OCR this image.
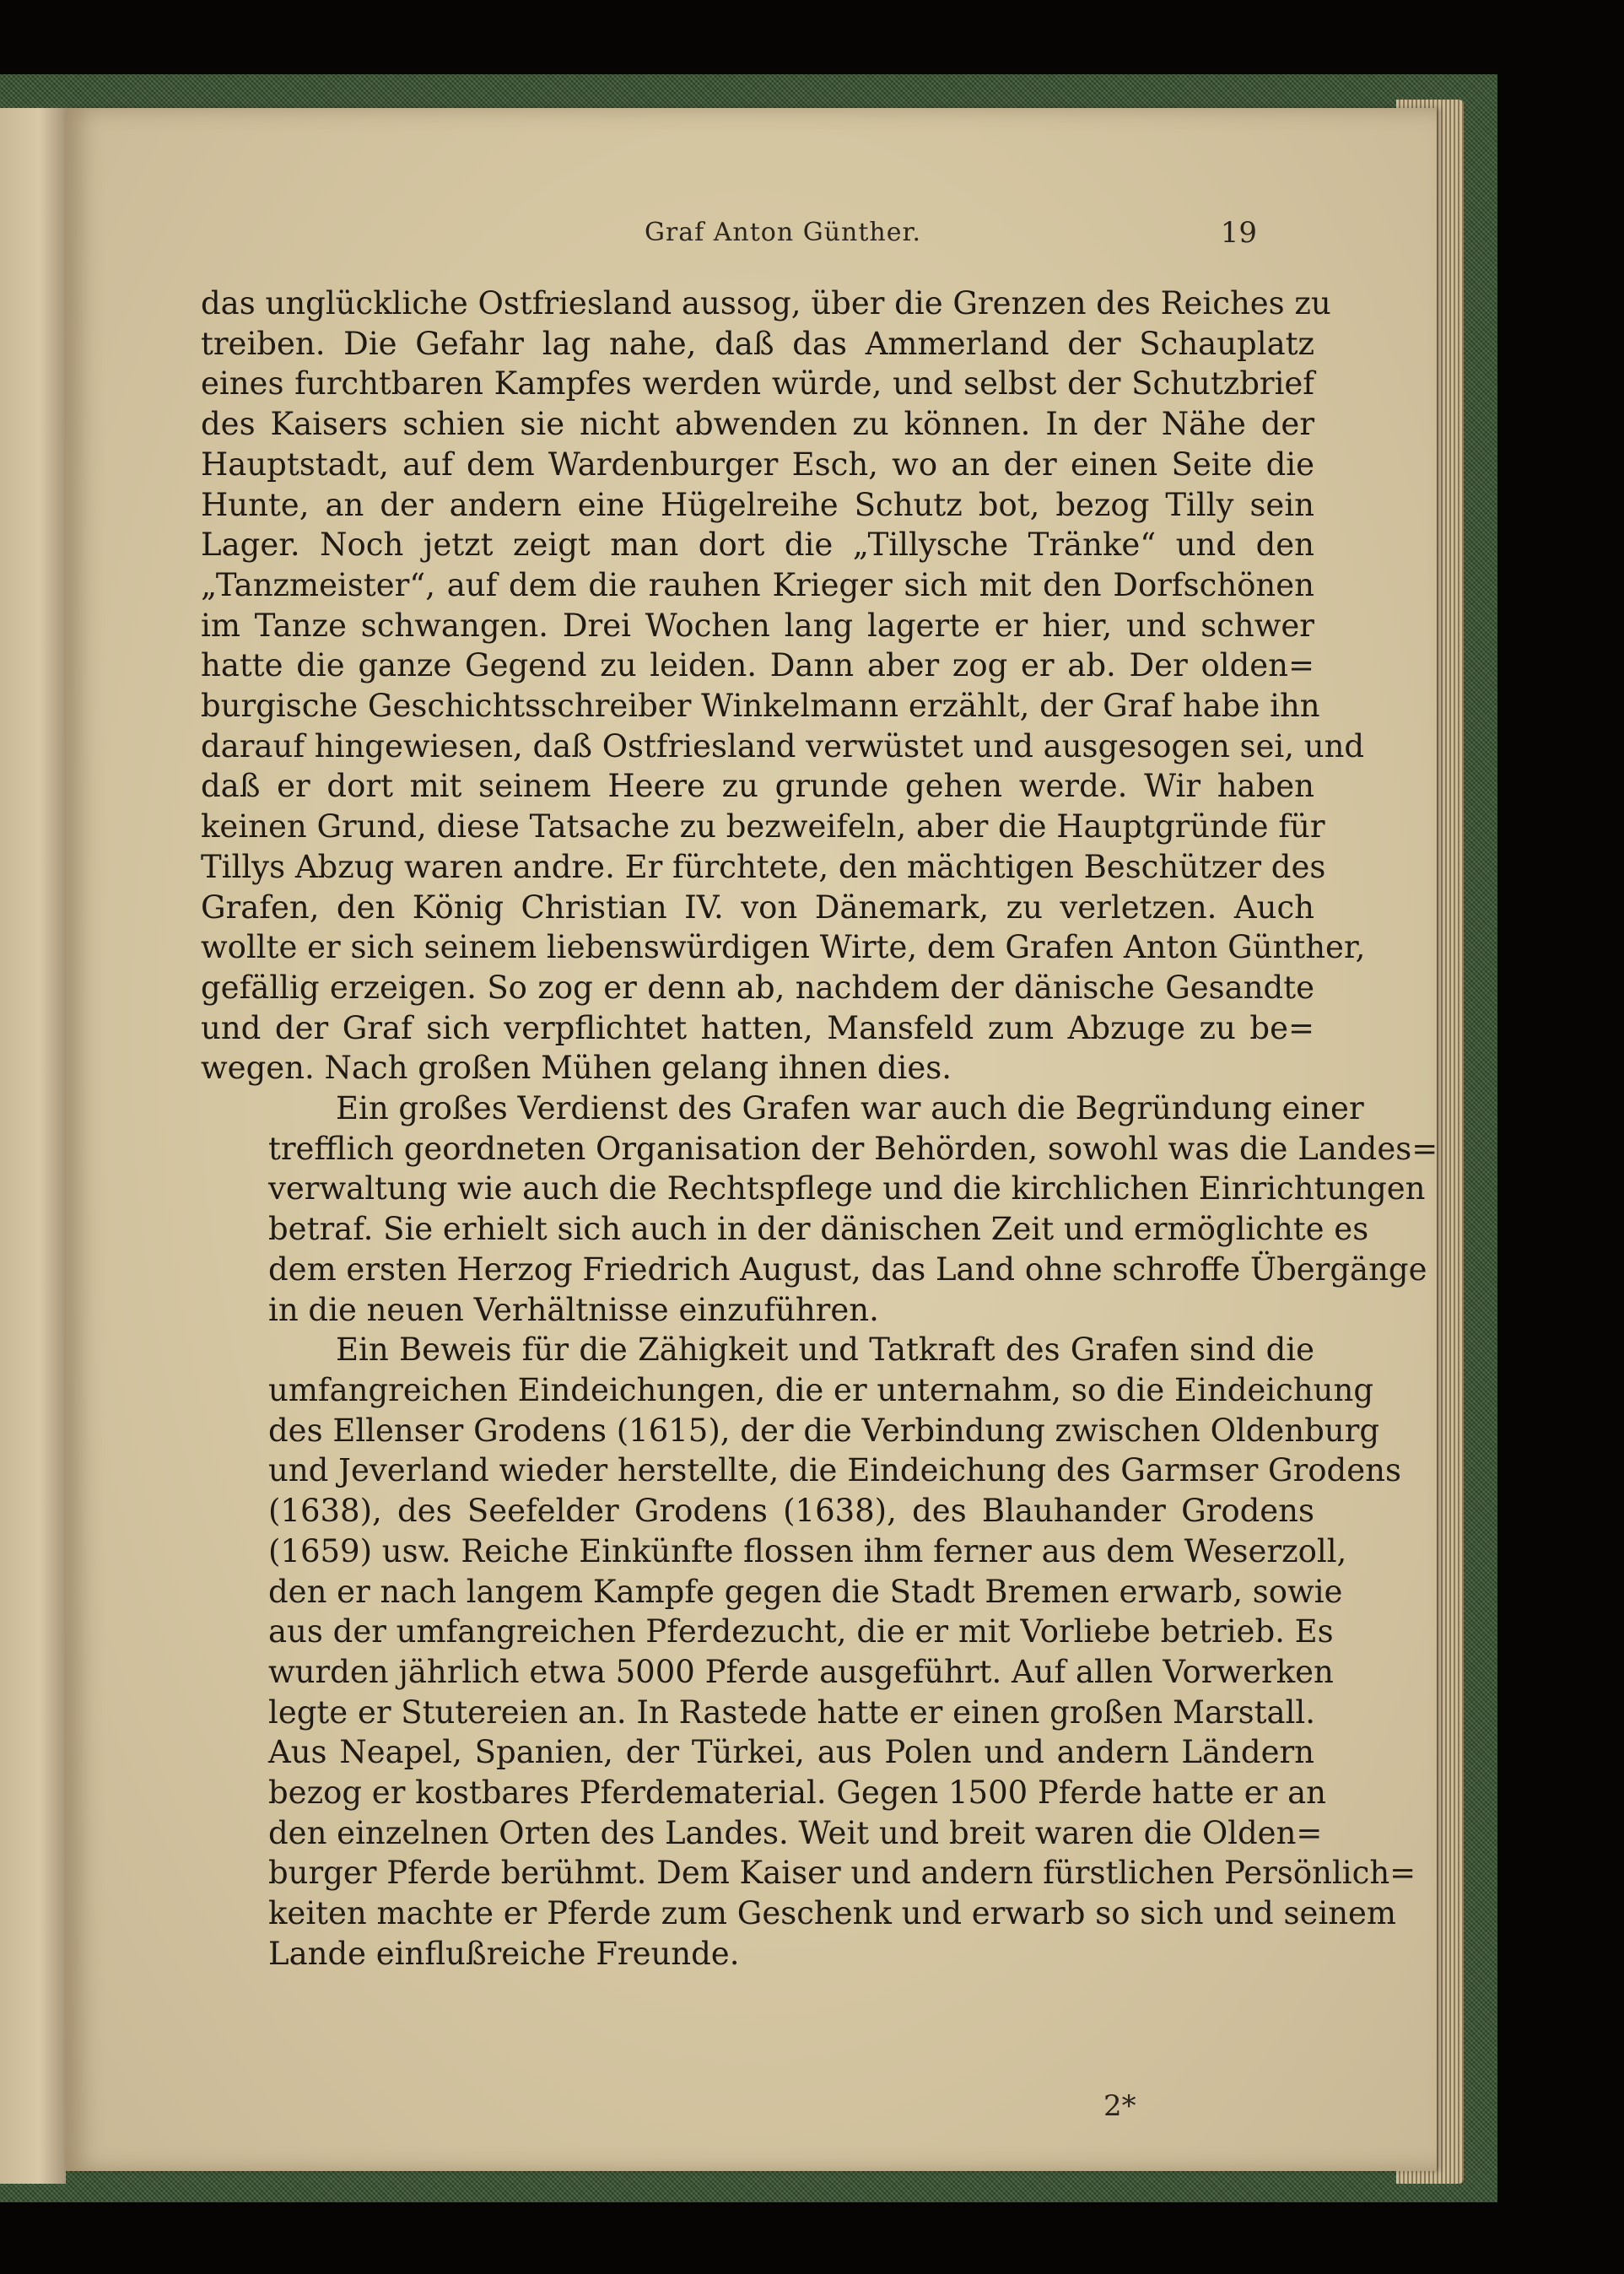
Graf Anton Günther.	19

das unglückliche Ostfriesland aussog, über die Grenzen des Reiches zu
treiben. Die Gefahr lag nahe, daß das Ammerland der Schauplatz
eines furchtbaren Kampfes werden würde, und selbst der Schutzbrief
des Kaisers schien sie nicht abwenden zu können. In der Nähe der
Hauptstadt, auf dem Wardenburger Esch, wo an der einen Seite die
Hunte, an der andern eine Hügelreihe Schutz bot, bezog Tilly sein
Lager. Noch jetzt zeigt man dort die „Tillysche Tränke“ und den
„Tanzmeister“, auf dem die rauhen Krieger sich mit den Dorfschönen
im Tanze schwangen. Drei Wochen lang lagerte er hier, und schwer
hatte die ganze Gegend zu leiden. Dann aber zog er ab. Der olden=
burgische Geschichtsschreiber Winkelmann erzählt, der Graf habe ihn
darauf hingewiesen, daß Ostfriesland verwüstet und ausgesogen sei, und
daß er dort mit seinem Heere zu grunde gehen werde. Wir haben
keinen Grund, diese Tatsache zu bezweifeln, aber die Hauptgründe für
Tillys Abzug waren andre. Er fürchtete, den mächtigen Beschützer des
Grafen, den König Christian IV. von Dänemark, zu verletzen. Auch
wollte er sich seinem liebenswürdigen Wirte, dem Grafen Anton Günther,
gefällig erzeigen. So zog er denn ab, nachdem der dänische Gesandte
und der Graf sich verpflichtet hatten, Mansfeld zum Abzuge zu be=
wegen. Nach großen Mühen gelang ihnen dies.

Ein großes Verdienst des Grafen war auch die Begründung einer
trefflich geordneten Organisation der Behörden, sowohl was die Landes=
verwaltung wie auch die Rechtspflege und die kirchlichen Einrichtungen
betraf. Sie erhielt sich auch in der dänischen Zeit und ermöglichte es
dem ersten Herzog Friedrich August, das Land ohne schroffe Übergänge
in die neuen Verhältnisse einzuführen.

Ein Beweis für die Zähigkeit und Tatkraft des Grafen sind die
umfangreichen Eindeichungen, die er unternahm, so die Eindeichung
des Ellenser Grodens (1615), der die Verbindung zwischen Oldenburg
und Jeverland wieder herstellte, die Eindeichung des Garmser Grodens
(1638), des Seefelder Grodens (1638), des Blauhander Grodens
(1659) usw. Reiche Einkünfte flossen ihm ferner aus dem Weserzoll,
den er nach langem Kampfe gegen die Stadt Bremen erwarb, sowie
aus der umfangreichen Pferdezucht, die er mit Vorliebe betrieb. Es
wurden jährlich etwa 5000 Pferde ausgeführt. Auf allen Vorwerken
legte er Stutereien an. In Rastede hatte er einen großen Marstall.
Aus Neapel, Spanien, der Türkei, aus Polen und andern Ländern
bezog er kostbares Pferdematerial. Gegen 1500 Pferde hatte er an
den einzelnen Orten des Landes. Weit und breit waren die Olden=
burger Pferde berühmt. Dem Kaiser und andern fürstlichen Persönlich=
keiten machte er Pferde zum Geschenk und erwarb so sich und seinem
Lande einflußreiche Freunde.

2*
